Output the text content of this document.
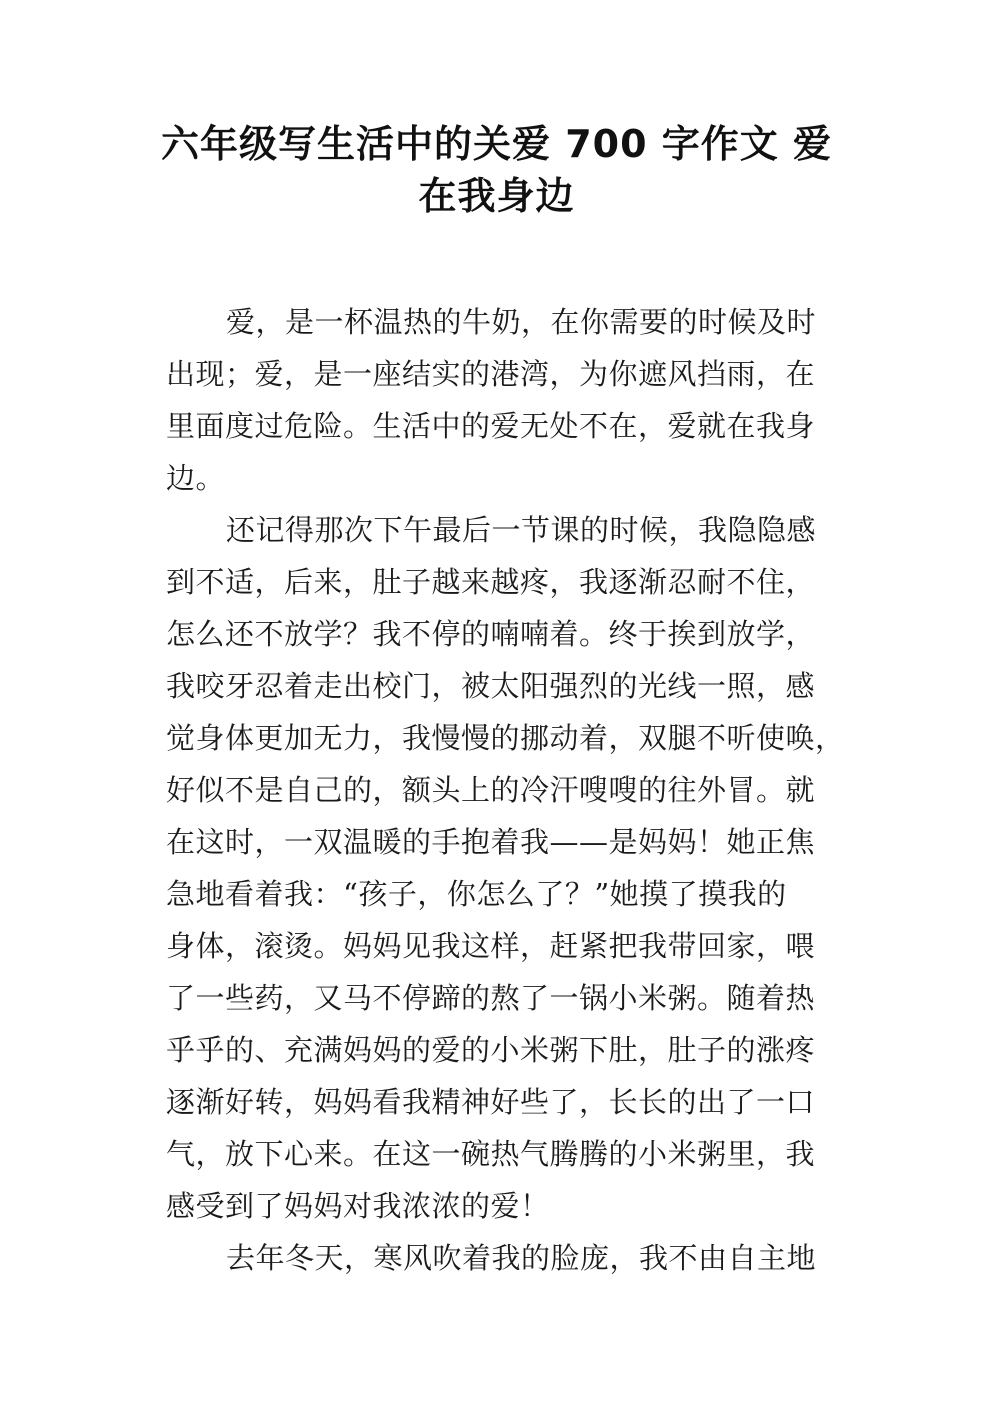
六年级写生活中的关爱 700 字作文 爱
在我身边

爱，是一杯温热的牛奶，在你需要的时候及时

出现；爱，是一座结实的港湾，为你遮风挡雨，在

里面度过危险。生活中的爱无处不在，爱就在我身

边。

还记得那次下午最后一节课的时候，我隐隐感

到不适，后来，肚子越来越疼，我逐渐忍耐不住，

怎么还不放学？我不停的喃喃着。终于挨到放学，

我咬牙忍着走出校门，被太阳强烈的光线一照，感

觉身体更加无力，我慢慢的挪动着，双腿不听使唤，

好似不是自己的，额头上的冷汗嗖嗖的往外冒。就

在这时，一双温暖的手抱着我——是妈妈！她正焦

急地看着我：“孩子，你怎么了？”她摸了摸我的

身体，滚烫。妈妈见我这样，赶紧把我带回家，喂

了一些药，又马不停蹄的熬了一锅小米粥。随着热

乎乎的、充满妈妈的爱的小米粥下肚，肚子的涨疼

逐渐好转，妈妈看我精神好些了，长长的出了一口

气，放下心来。在这一碗热气腾腾的小米粥里，我

感受到了妈妈对我浓浓的爱！

去年冬天，寒风吹着我的脸庞，我不由自主地
